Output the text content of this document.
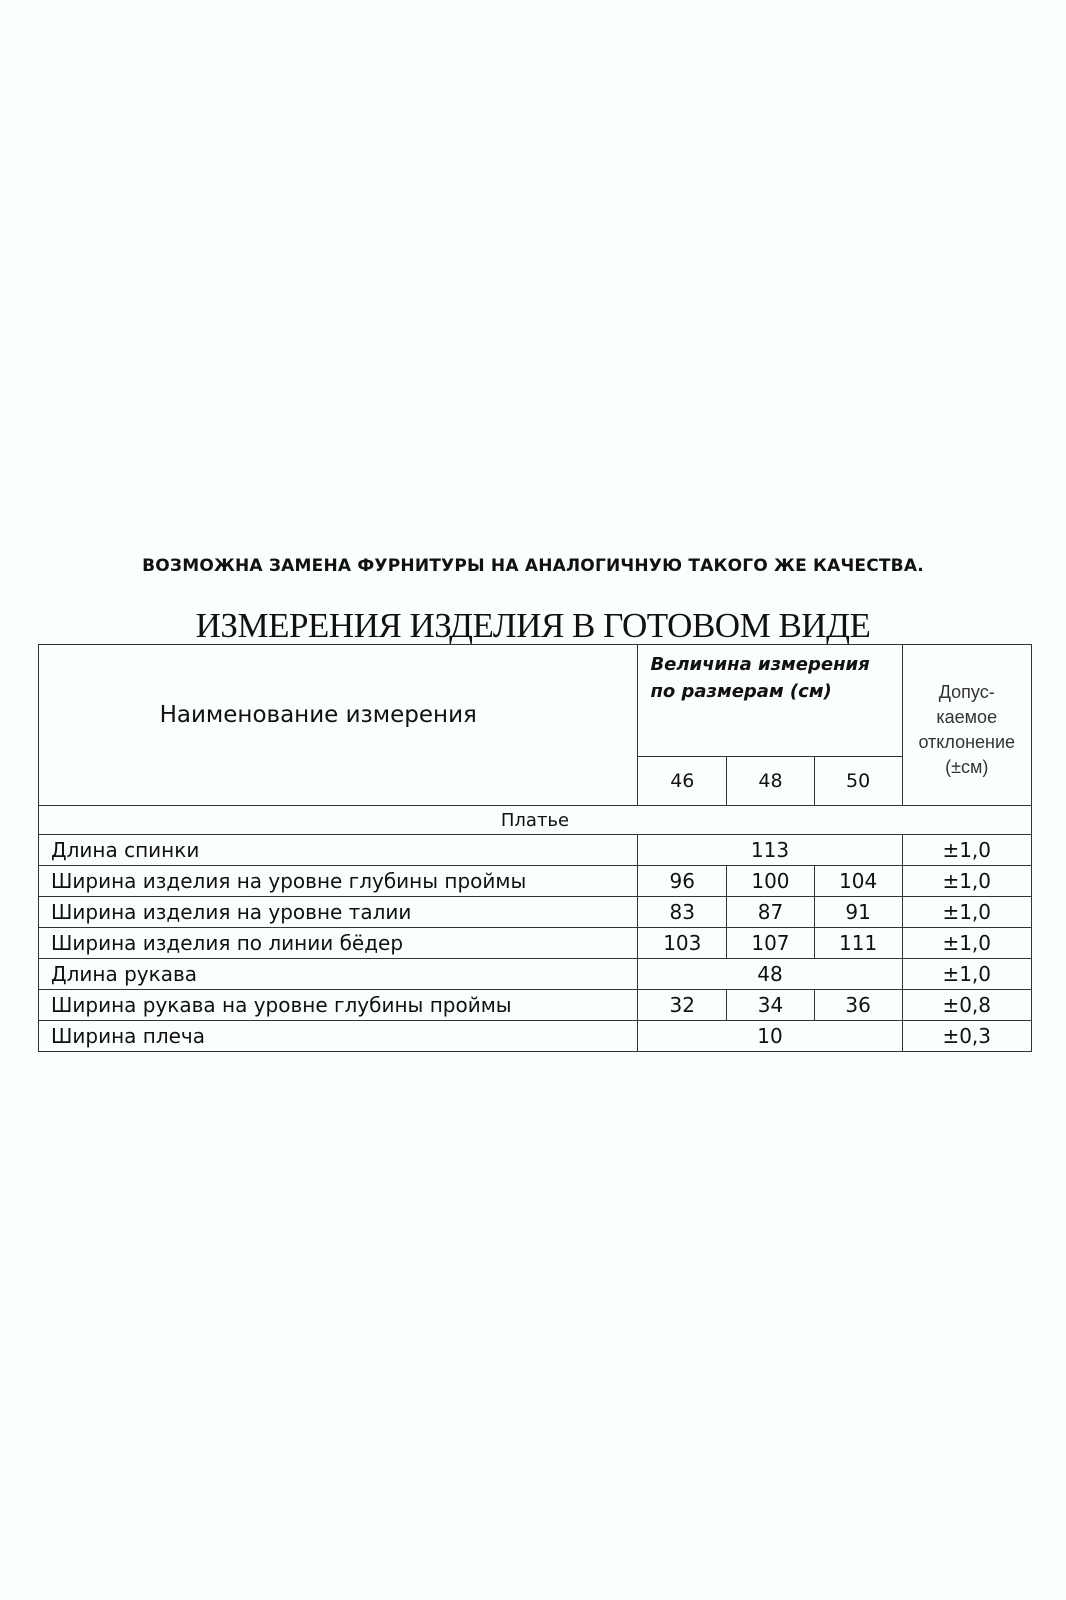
ВОЗМОЖНА ЗАМЕНА ФУРНИТУРЫ НА АНАЛОГИЧНУЮ ТАКОГО ЖЕ КАЧЕСТВА.
ИЗМЕРЕНИЯ ИЗДЕЛИЯ В ГОТОВОМ ВИДЕ
Наименование измерения	Величина измерения по размерам (см)			Допус-
каемое
отклонение
(±см)

	46	48	50	
Платье				
Длина спинки	113			±1,0
Ширина изделия на уровне глубины проймы	96	100	104	±1,0
Ширина изделия на уровне талии	83	87	91	±1,0
Ширина изделия по линии бёдер	103	107	111	±1,0
Длина рукава	48			±1,0
Ширина рукава на уровне глубины проймы	32	34	36	±0,8
Ширина плеча	10			±0,3
